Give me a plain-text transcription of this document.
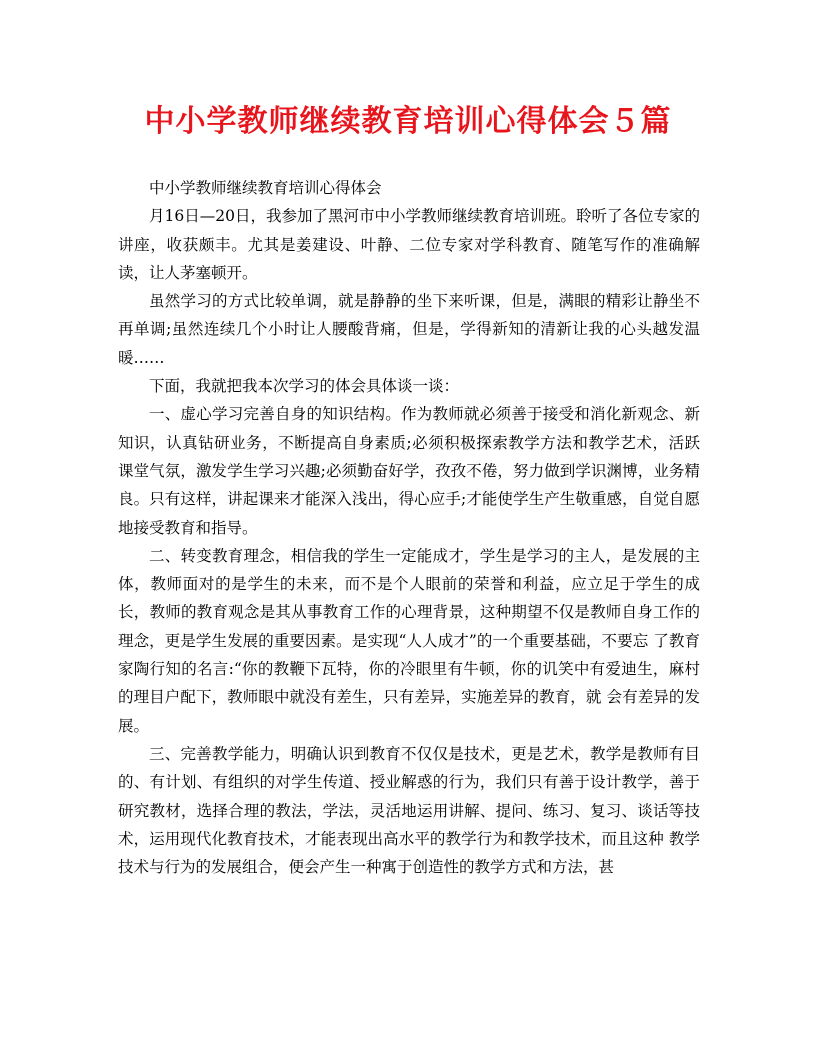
中小学教师继续教育培训心得体会５篇

中小学教师继续教育培训心得体会

月16日—20日，我参加了黑河市中小学教师继续教育培训班。聆听了各位专家的讲座，收获颇丰。尤其是姜建设、叶静、二位专家对学科教育、随笔写作的准确解读，让人茅塞顿开。

虽然学习的方式比较单调，就是静静的坐下来听课，但是，满眼的精彩让静坐不再单调;虽然连续几个小时让人腰酸背痛，但是，学得新知的清新让我的心头越发温暖……

下面，我就把我本次学习的体会具体谈一谈：

一、虚心学习完善自身的知识结构。作为教师就必须善于接受和消化新观念、新知识，认真钻研业务，不断提高自身素质;必须积极探索教学方法和教学艺术，活跃 课堂气氛，激发学生学习兴趣;必须勤奋好学，孜孜不倦，努力做到学识渊博，业务精良。只有这样，讲起课来才能深入浅出，得心应手;才能使学生产生敬重感，自觉自愿地接受教育和指导。

二、转变教育理念，相信我的学生一定能成才，学生是学习的主人，是发展的主体，教师面对的是学生的未来，而不是个人眼前的荣誉和利益，应立足于学生的成 长，教师的教育观念是其从事教育工作的心理背景，这种期望不仅是教师自身工作的理念，更是学生发展的重要因素。是实现“人人成才”的一个重要基础，不要忘 了教育家陶行知的名言:“你的教鞭下瓦特，你的冷眼里有牛顿，你的讥笑中有爱迪生，麻村的理目户配下，教师眼中就没有差生，只有差异，实施差异的教育，就 会有差异的发展。

三、完善教学能力，明确认识到教育不仅仅是技术，更是艺术，教学是教师有目的、有计划、有组织的对学生传道、授业解惑的行为，我们只有善于设计教学，善于 研究教材，选择合理的教法，学法，灵活地运用讲解、提问、练习、复习、谈话等技术，运用现代化教育技术，才能表现出高水平的教学行为和教学技术，而且这种 教学技术与行为的发展组合，便会产生一种寓于创造性的教学方式和方法，甚
